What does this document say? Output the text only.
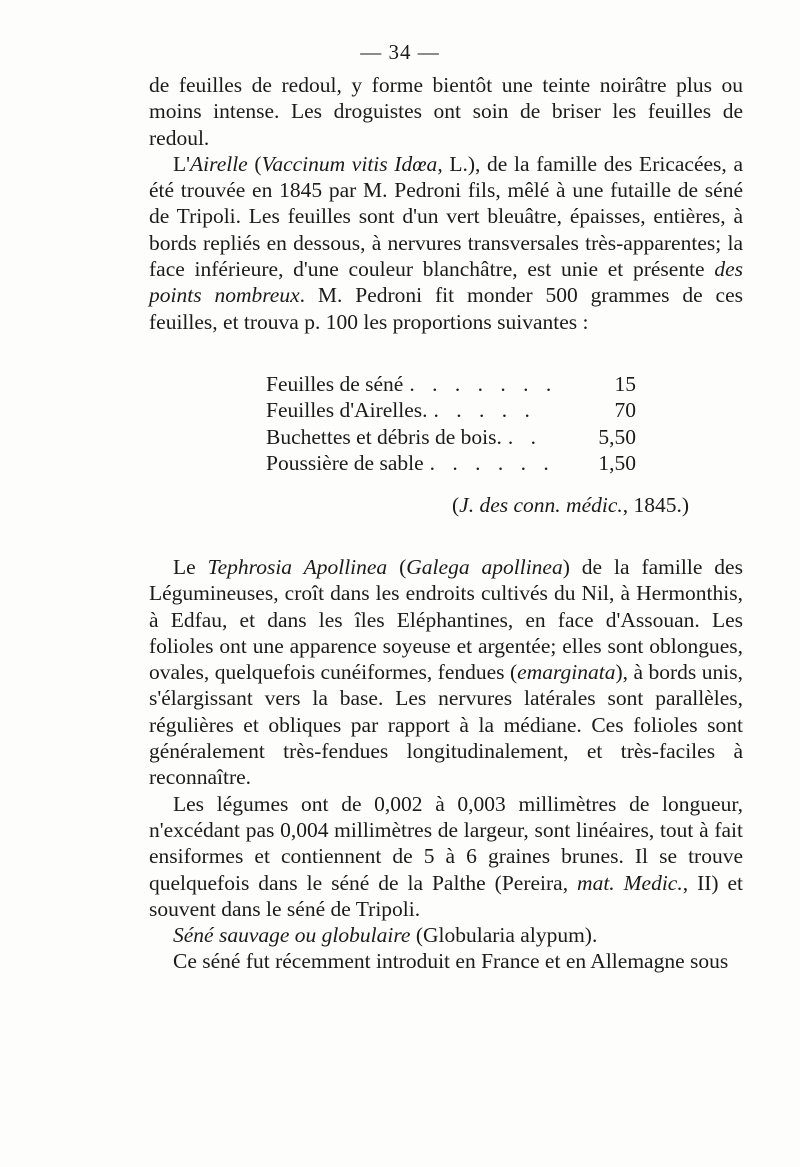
— 34 —

de feuilles de redoul, y forme bientôt une teinte noirâtre plus ou moins intense. Les droguistes ont soin de briser les feuilles de redoul.

L'Airelle (Vaccinum vitis Idœa, L.), de la famille des Ericacées, a été trouvée en 1845 par M. Pedroni fils, mêlé à une futaille de séné de Tripoli. Les feuilles sont d'un vert bleuâtre, épaisses, entières, à bords repliés en dessous, à nervures transversales très-apparentes; la face inférieure, d'une couleur blanchâtre, est unie et présente des points nombreux. M. Pedroni fit monder 500 grammes de ces feuilles, et trouva p. 100 les proportions suivantes :

Feuilles de séné . . . . . . .	15
Feuilles d'Airelles. . . . . .	70
Buchettes et débris de bois. . .	5,50
Poussière de sable . . . . . .	1,50
(J. des conn. médic., 1845.)

Le Tephrosia Apollinea (Galega apollinea) de la famille des Légumineuses, croît dans les endroits cultivés du Nil, à Hermonthis, à Edfau, et dans les îles Eléphantines, en face d'Assouan. Les folioles ont une apparence soyeuse et argentée; elles sont oblongues, ovales, quelquefois cunéiformes, fendues (emarginata), à bords unis, s'élargissant vers la base. Les nervures latérales sont parallèles, régulières et obliques par rapport à la médiane. Ces folioles sont généralement très-fendues longitudinalement, et très-faciles à reconnaître.

Les légumes ont de 0,002 à 0,003 millimètres de longueur, n'excédant pas 0,004 millimètres de largeur, sont linéaires, tout à fait ensiformes et contiennent de 5 à 6 graines brunes. Il se trouve quelquefois dans le séné de la Palthe (Pereira, mat. Medic., II) et souvent dans le séné de Tripoli.

Séné sauvage ou globulaire (Globularia alypum).

Ce séné fut récemment introduit en France et en Allemagne sous
